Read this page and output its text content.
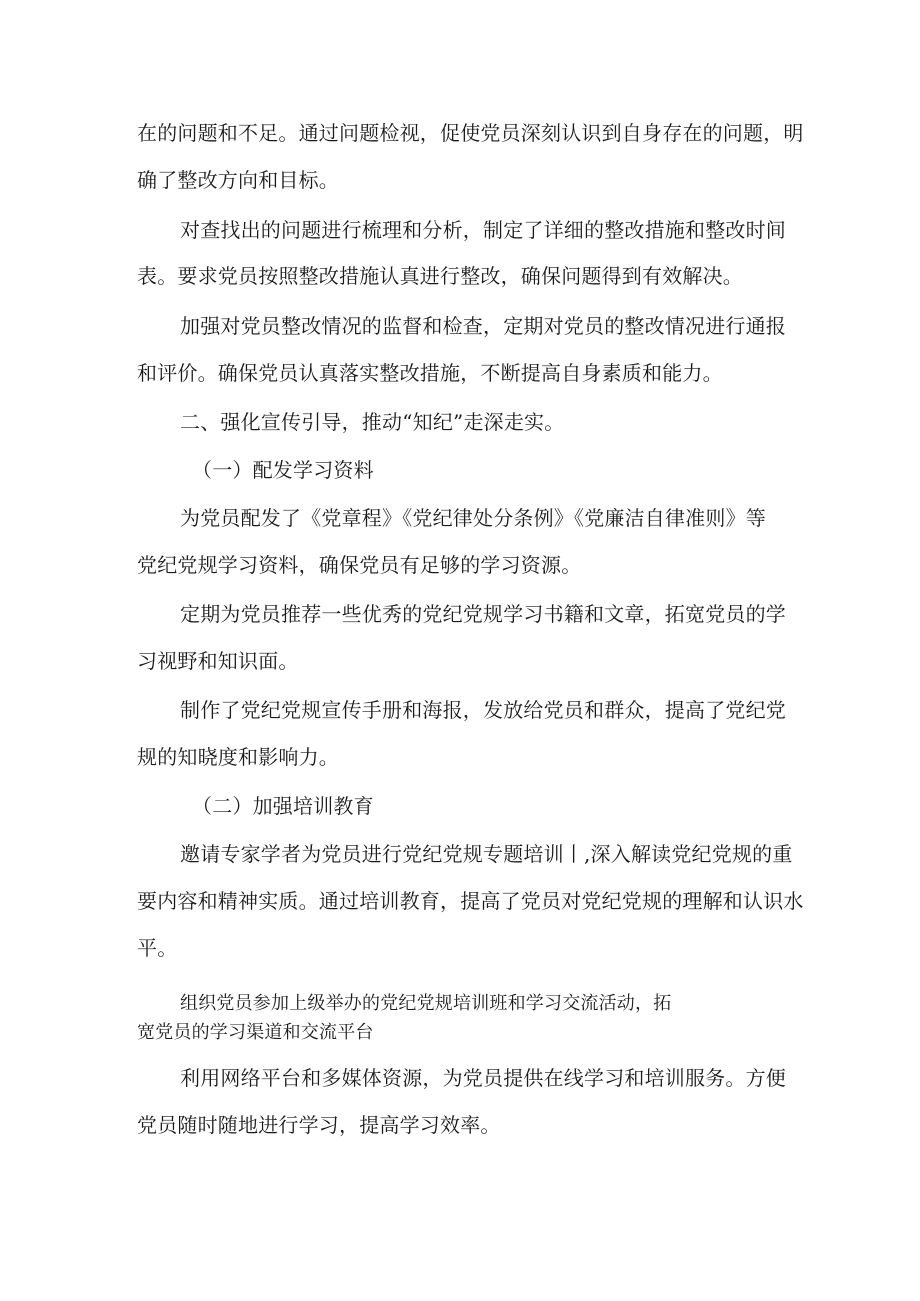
在的问题和不足。通过问题检视，促使党员深刻认识到自身存在的问题，明
确了整改方向和目标。
对查找出的问题进行梳理和分析，制定了详细的整改措施和整改时间
表。要求党员按照整改措施认真进行整改，确保问题得到有效解决。
加强对党员整改情况的监督和检查，定期对党员的整改情况进行通报
和评价。确保党员认真落实整改措施，不断提高自身素质和能力。
二、强化宣传引导，推动“知纪”走深走实。
（一）配发学习资料
为党员配发了《党章程》《党纪律处分条例》《党廉洁自律准则》等
党纪党规学习资料，确保党员有足够的学习资源。
定期为党员推荐一些优秀的党纪党规学习书籍和文章，拓宽党员的学
习视野和知识面。
制作了党纪党规宣传手册和海报，发放给党员和群众，提高了党纪党
规的知晓度和影响力。
（二）加强培训教育
邀请专家学者为党员进行党纪党规专题培训丨,深入解读党纪党规的重
要内容和精神实质。通过培训教育，提高了党员对党纪党规的理解和认识水
平。
组织党员参加上级举办的党纪党规培训班和学习交流活动，拓
宽党员的学习渠道和交流平台
利用网络平台和多媒体资源，为党员提供在线学习和培训服务。方便
党员随时随地进行学习，提高学习效率。
